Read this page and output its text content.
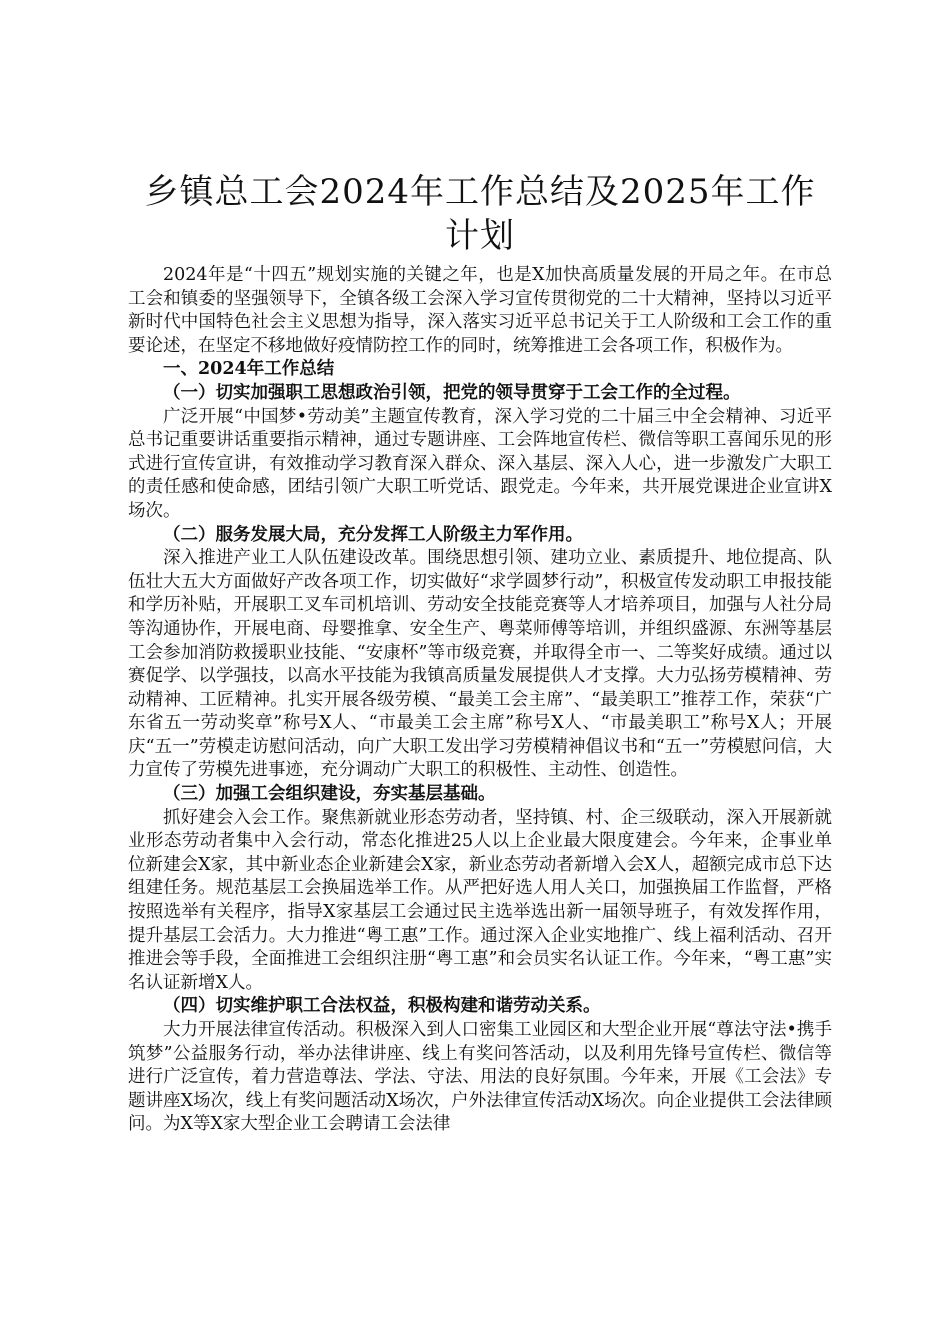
乡镇总工会2024年工作总结及2025年工作计划

2024年是“十四五”规划实施的关键之年，也是X加快高质量发展的开局之年。在市总工会和镇委的坚强领导下，全镇各级工会深入学习宣传贯彻党的二十大精神，坚持以习近平新时代中国特色社会主义思想为指导，深入落实习近平总书记关于工人阶级和工会工作的重要论述，在坚定不移地做好疫情防控工作的同时，统筹推进工会各项工作，积极作为。

一、2024年工作总结

（一）切实加强职工思想政治引领，把党的领导贯穿于工会工作的全过程。

广泛开展“中国梦•劳动美”主题宣传教育，深入学习党的二十届三中全会精神、习近平总书记重要讲话重要指示精神，通过专题讲座、工会阵地宣传栏、微信等职工喜闻乐见的形式进行宣传宣讲，有效推动学习教育深入群众、深入基层、深入人心，进一步激发广大职工的责任感和使命感，团结引领广大职工听党话、跟党走。今年来，共开展党课进企业宣讲X场次。

（二）服务发展大局，充分发挥工人阶级主力军作用。

深入推进产业工人队伍建设改革。围绕思想引领、建功立业、素质提升、地位提高、队伍壮大五大方面做好产改各项工作，切实做好“求学圆梦行动”，积极宣传发动职工申报技能和学历补贴，开展职工叉车司机培训、劳动安全技能竞赛等人才培养项目，加强与人社分局等沟通协作，开展电商、母婴推拿、安全生产、粤菜师傅等培训，并组织盛源、东洲等基层工会参加消防救援职业技能、“安康杯”等市级竞赛，并取得全市一、二等奖好成绩。通过以赛促学、以学强技，以高水平技能为我镇高质量发展提供人才支撑。大力弘扬劳模精神、劳动精神、工匠精神。扎实开展各级劳模、“最美工会主席”、“最美职工”推荐工作，荣获“广东省五一劳动奖章”称号X人、“市最美工会主席”称号X人、“市最美职工”称号X人；开展庆“五一”劳模走访慰问活动，向广大职工发出学习劳模精神倡议书和“五一”劳模慰问信，大力宣传了劳模先进事迹，充分调动广大职工的积极性、主动性、创造性。

（三）加强工会组织建设，夯实基层基础。

抓好建会入会工作。聚焦新就业形态劳动者，坚持镇、村、企三级联动，深入开展新就业形态劳动者集中入会行动，常态化推进25人以上企业最大限度建会。今年来，企事业单位新建会X家，其中新业态企业新建会X家，新业态劳动者新增入会X人，超额完成市总下达组建任务。规范基层工会换届选举工作。从严把好选人用人关口，加强换届工作监督，严格按照选举有关程序，指导X家基层工会通过民主选举选出新一届领导班子，有效发挥作用，提升基层工会活力。大力推进“粤工惠”工作。通过深入企业实地推广、线上福利活动、召开推进会等手段，全面推进工会组织注册“粤工惠”和会员实名认证工作。今年来，“粤工惠”实名认证新增X人。

（四）切实维护职工合法权益，积极构建和谐劳动关系。

大力开展法律宣传活动。积极深入到人口密集工业园区和大型企业开展“尊法守法•携手筑梦”公益服务行动，举办法律讲座、线上有奖问答活动，以及利用先锋号宣传栏、微信等进行广泛宣传，着力营造尊法、学法、守法、用法的良好氛围。今年来，开展《工会法》专题讲座X场次，线上有奖问题活动X场次，户外法律宣传活动X场次。向企业提供工会法律顾问。为X等X家大型企业工会聘请工会法律
